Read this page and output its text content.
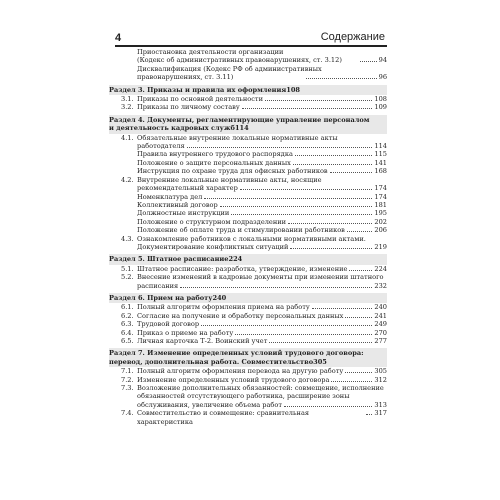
4	Содержание
Приостановка деятельности организации
(Кодекс об административных правонарушениях, ст. 3.12)	94
Дисквалификация (Кодекс РФ об административных
правонарушениях, ст. 3.11)	96
Раздел 3. Приказы и правила их оформления 108
3.1. Приказы по основной деятельности	108
3.2. Приказы по личному составу	109
Раздел 4. Документы, регламентирующие управление персоналом
и деятельность кадровых служб 114
4.1. Обязательные внутренние локальные нормативные акты
работодателя	114
Правила внутреннего трудового распорядка	115
Положение о защите персональных данных	141
Инструкция по охране труда для офисных работников	168
4.2. Внутренние локальные нормативные акты, носящие
рекомендательный характер	174
Номенклатура дел	174
Коллективный договор	181
Должностные инструкции	195
Положение о структурном подразделении	202
Положение об оплате труда и стимулировании работников	206
4.3. Ознакомление работников с локальными нормативными актами.
Документирование конфликтных ситуаций	219
Раздел 5. Штатное расписание 224
5.1. Штатное расписание: разработка, утверждение, изменение	224
5.2. Внесение изменений в кадровые документы при изменении штатного
расписания	232
Раздел 6. Прием на работу 240
6.1. Полный алгоритм оформления приема на работу	240
6.2. Согласие на получение и обработку персональных данных	241
6.3. Трудовой договор	249
6.4. Приказ о приеме на работу	270
6.5. Личная карточка Т-2. Воинский учет	277
Раздел 7. Изменение определенных условий трудового договора:
перевод, дополнительная работа. Совместительство 305
7.1. Полный алгоритм оформления перевода на другую работу	305
7.2. Изменение определенных условий трудового договора	312
7.3. Возложение дополнительных обязанностей: совмещение, исполнение
обязанностей отсутствующего работника, расширение зоны
обслуживания, увеличение объема работ	313
7.4. Совместительство и совмещение: сравнительная характеристика
317
